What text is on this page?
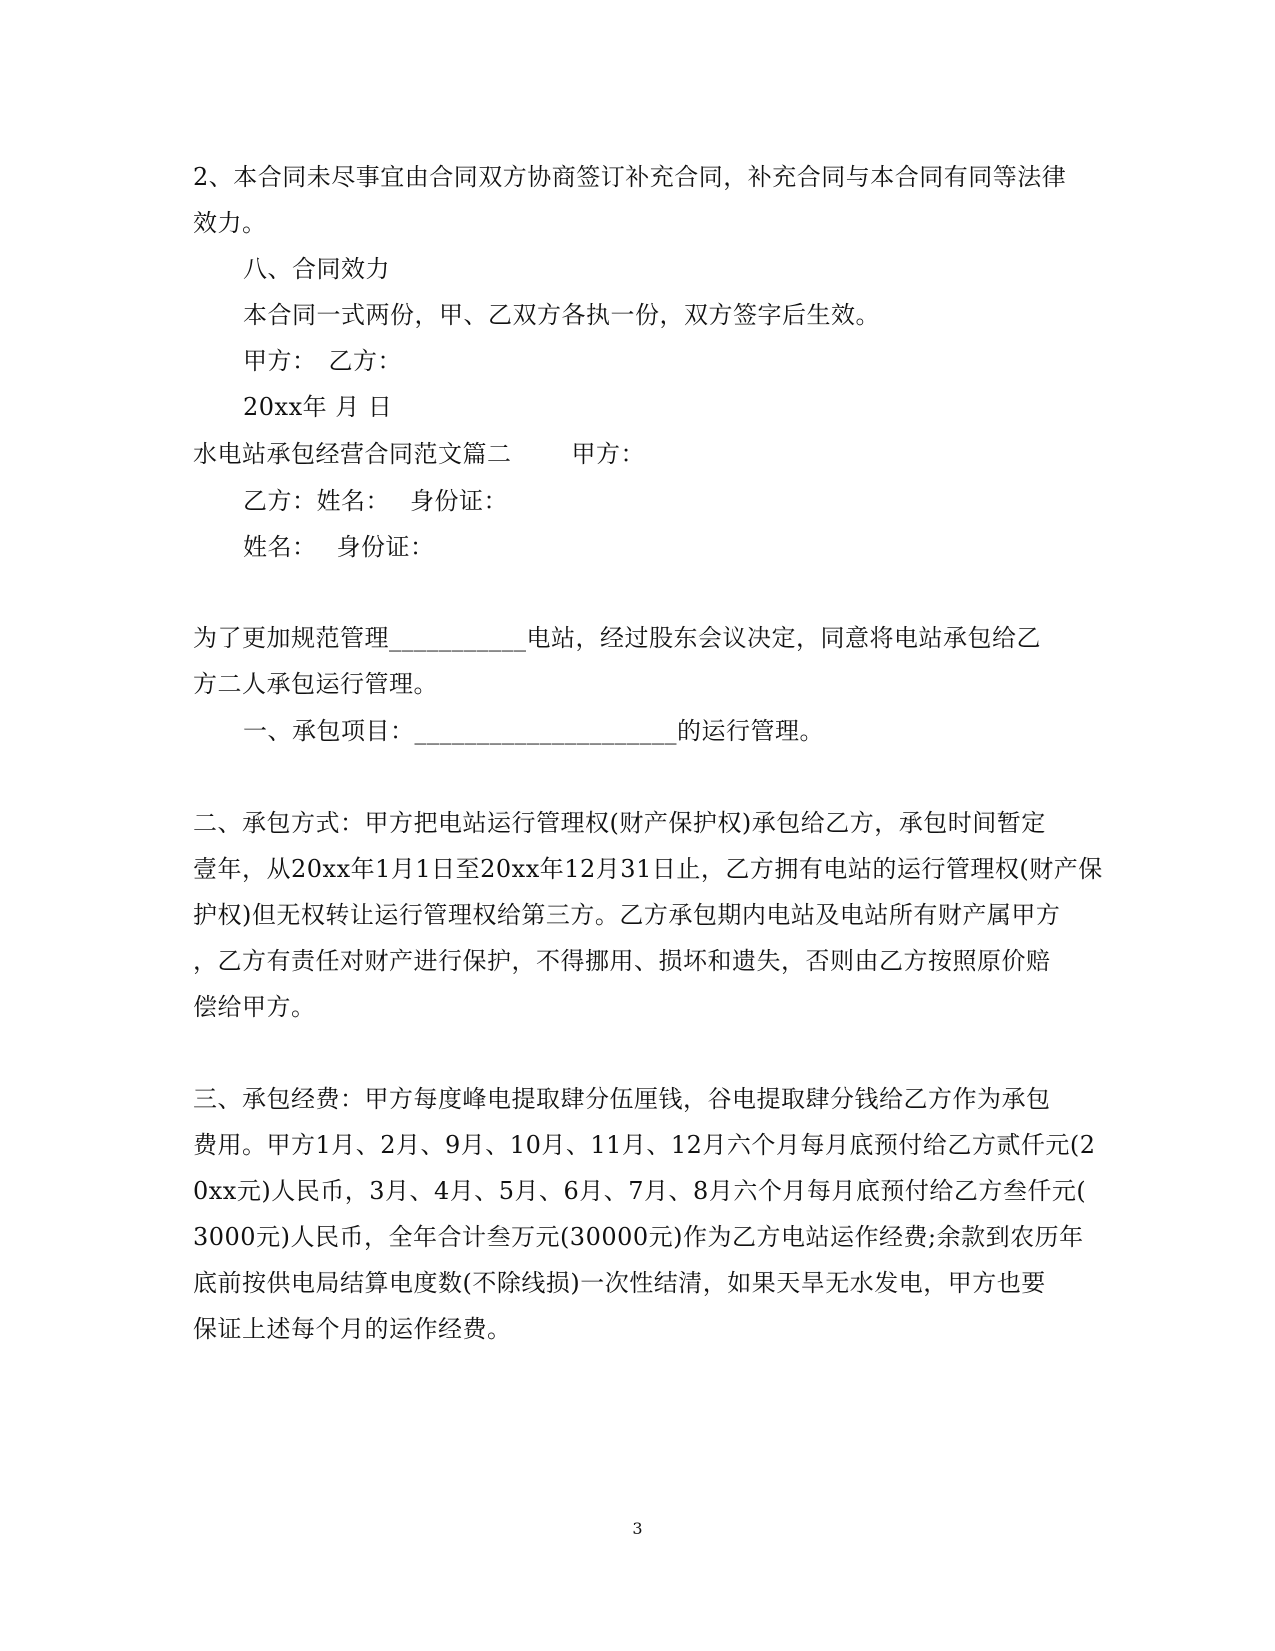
2、本合同未尽事宜由合同双方协商签订补充合同，补充合同与本合同有同等法律
效力。
八、合同效力
本合同一式两份，甲、乙双方各执一份，双方签字后生效。
甲方： 乙方：
20xx年 月 日
水电站承包经营合同范文篇二	甲方：
乙方：姓名： 身份证：
姓名： 身份证：
为了更加规范管理___________电站，经过股东会议决定，同意将电站承包给乙
方二人承包运行管理。
一、承包项目：_____________________的运行管理。
二、承包方式：甲方把电站运行管理权(财产保护权)承包给乙方，承包时间暂定
壹年，从20xx年1月1日至20xx年12月31日止，乙方拥有电站的运行管理权(财产保
护权)但无权转让运行管理权给第三方。乙方承包期内电站及电站所有财产属甲方
，乙方有责任对财产进行保护，不得挪用、损坏和遗失，否则由乙方按照原价赔
偿给甲方。
三、承包经费：甲方每度峰电提取肆分伍厘钱，谷电提取肆分钱给乙方作为承包
费用。甲方1月、2月、9月、10月、11月、12月六个月每月底预付给乙方贰仟元(2
0xx元)人民币，3月、4月、5月、6月、7月、8月六个月每月底预付给乙方叁仟元(
3000元)人民币，全年合计叁万元(30000元)作为乙方电站运作经费;余款到农历年
底前按供电局结算电度数(不除线损)一次性结清，如果天旱无水发电，甲方也要
保证上述每个月的运作经费。
3
